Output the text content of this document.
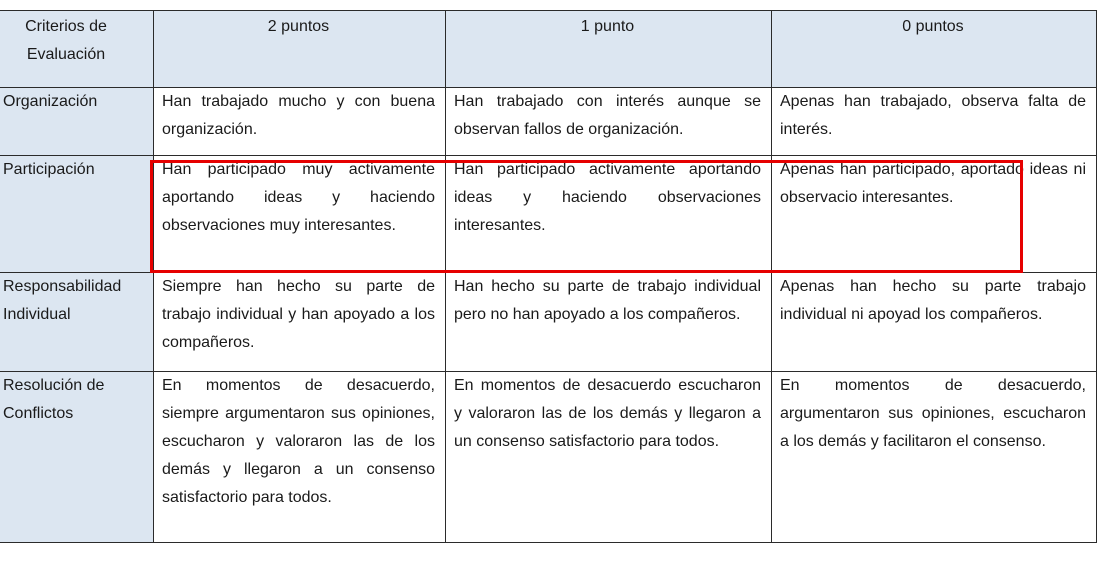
Criterios de Evaluación	2 puntos	1 punto	0 puntos
Organización	Han trabajado mucho y con buena organización.	Han trabajado con interés aunque se observan fallos de organización.	Apenas han trabajado, observa falta de interés.
Participación	Han participado muy activamente aportando ideas y haciendo observaciones muy interesantes.	Han participado activamente aportando ideas y haciendo observaciones interesantes.	Apenas han participado, aportado ideas ni observacio interesantes.
Responsabilidad Individual	Siempre han hecho su parte de trabajo individual y han apoyado a los compañeros.	Han hecho su parte de trabajo individual pero no han apoyado a los compañeros.	Apenas han hecho su parte trabajo individual ni apoyad los compañeros.
Resolución de Conflictos	En momentos de desacuerdo, siempre argumentaron sus opiniones, escucharon y valoraron las de los demás y llegaron a un consenso satisfactorio para todos.	En momentos de desacuerdo escucharon y valoraron las de los demás y llegaron a un consenso satisfactorio para todos.	En momentos de desacuerdo, argumentaron sus opiniones, escucharon a los demás y facilitaron el consenso.
